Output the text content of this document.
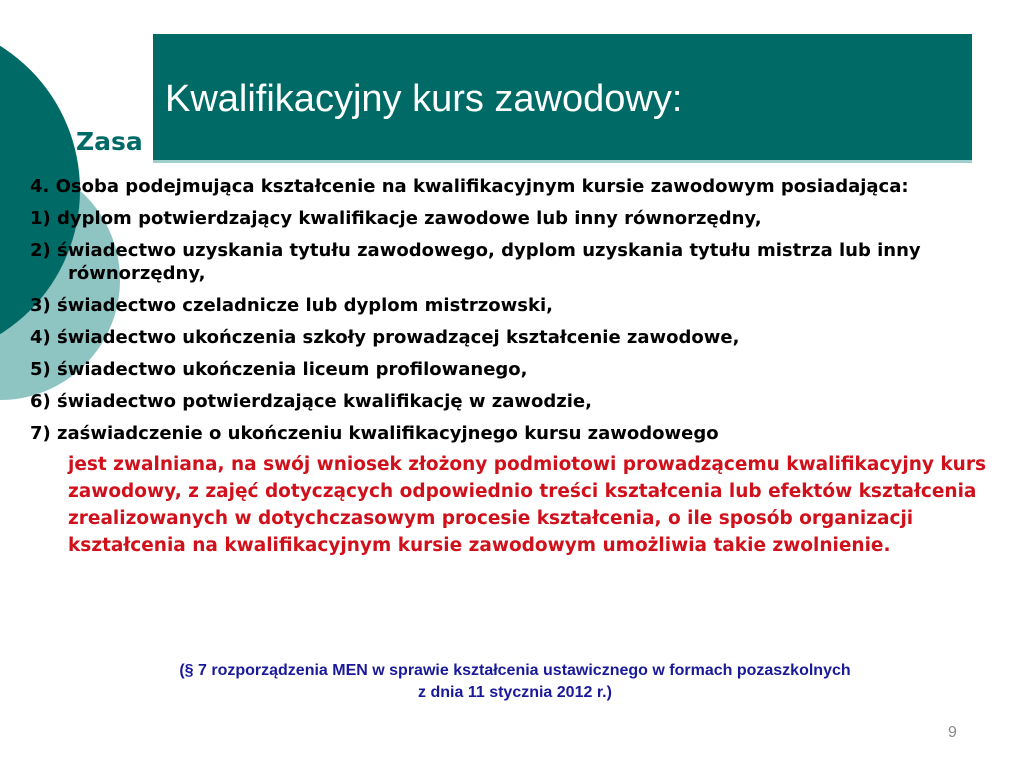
Zasa
Kwalifikacyjny kurs zawodowy:

4. Osoba podejmująca kształcenie na kwalifikacyjnym kursie zawodowym posiadająca:

1) dyplom potwierdzający kwalifikacje zawodowe lub inny równorzędny,

2) świadectwo uzyskania tytułu zawodowego, dyplom uzyskania tytułu mistrza lub inny równorzędny,

3) świadectwo czeladnicze lub dyplom mistrzowski,

4) świadectwo ukończenia szkoły prowadzącej kształcenie zawodowe,

5) świadectwo ukończenia liceum profilowanego,

6) świadectwo potwierdzające kwalifikację w zawodzie,

7) zaświadczenie o ukończeniu kwalifikacyjnego kursu zawodowego

jest zwalniana, na swój wniosek złożony podmiotowi prowadzącemu kwalifikacyjny kurs zawodowy, z zajęć dotyczących odpowiednio treści kształcenia lub efektów kształcenia zrealizowanych w dotychczasowym procesie kształcenia, o ile sposób organizacji kształcenia na kwalifikacyjnym kursie zawodowym umożliwia takie zwolnienie.

(§ 7 rozporządzenia MEN w sprawie kształcenia ustawicznego w formach pozaszkolnych
z dnia 11 stycznia 2012 r.)
9
